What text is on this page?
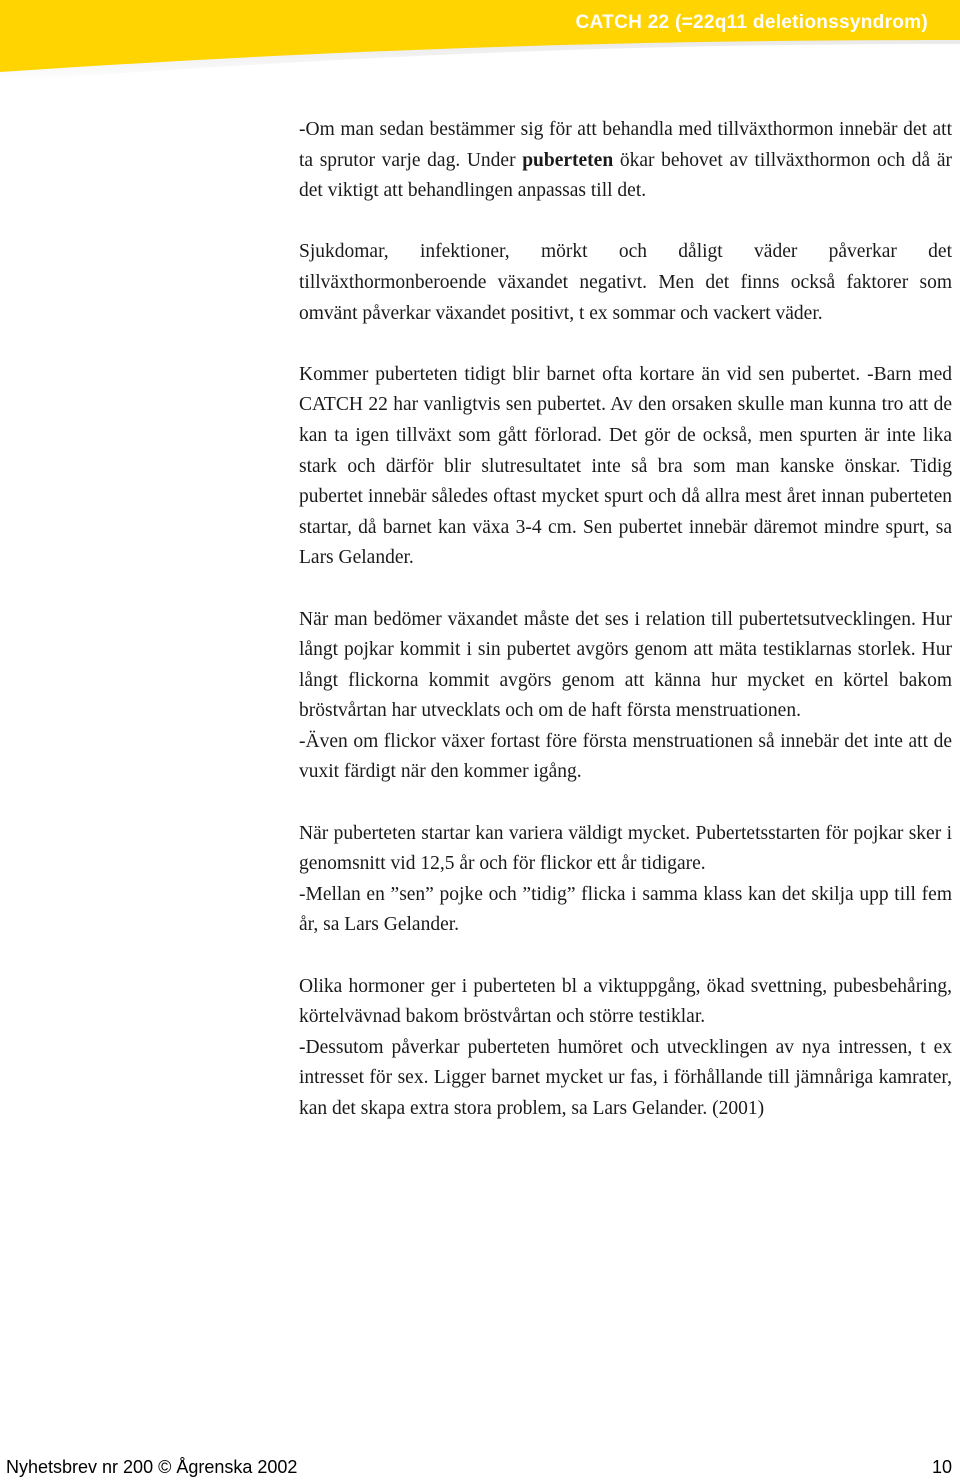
CATCH 22 (=22q11 deletionssyndrom)

-Om man sedan bestämmer sig för att behandla med tillväxthormon innebär det att ta sprutor varje dag. Under puberteten ökar behovet av tillväxthormon och då är det viktigt att behandlingen anpassas till det.

Sjukdomar, infektioner, mörkt och dåligt väder påverkar det tillväxthormonberoende växandet negativt. Men det finns också faktorer som omvänt påverkar växandet positivt, t ex sommar och vackert väder.

Kommer puberteten tidigt blir barnet ofta kortare än vid sen pubertet. -Barn med CATCH 22 har vanligtvis sen pubertet. Av den orsaken skulle man kunna tro att de kan ta igen tillväxt som gått förlorad. Det gör de också, men spurten är inte lika stark och därför blir slutresultatet inte så bra som man kanske önskar. Tidig pubertet innebär således oftast mycket spurt och då allra mest året innan puberteten startar, då barnet kan växa 3-4 cm. Sen pubertet innebär däremot mindre spurt, sa Lars Gelander.

När man bedömer växandet måste det ses i relation till pubertetsutvecklingen. Hur långt pojkar kommit i sin pubertet avgörs genom att mäta testiklarnas storlek. Hur långt flickorna kommit avgörs genom att känna hur mycket en körtel bakom bröstvårtan har utvecklats och om de haft första menstruationen.

-Även om flickor växer fortast före första menstruationen så innebär det inte att de vuxit färdigt när den kommer igång.

När puberteten startar kan variera väldigt mycket. Pubertetsstarten för pojkar sker i genomsnitt vid 12,5 år och för flickor ett år tidigare.

-Mellan en ”sen” pojke och ”tidig” flicka i samma klass kan det skilja upp till fem år, sa Lars Gelander.

Olika hormoner ger i puberteten bl a viktuppgång, ökad svettning, pubesbehåring, körtelvävnad bakom bröstvårtan och större testiklar.

-Dessutom påverkar puberteten humöret och utvecklingen av nya intressen, t ex intresset för sex. Ligger barnet mycket ur fas, i förhållande till jämnåriga kamrater, kan det skapa extra stora problem, sa Lars Gelander. (2001)

Nyhetsbrev nr 200 © Ågrenska 2002	10
